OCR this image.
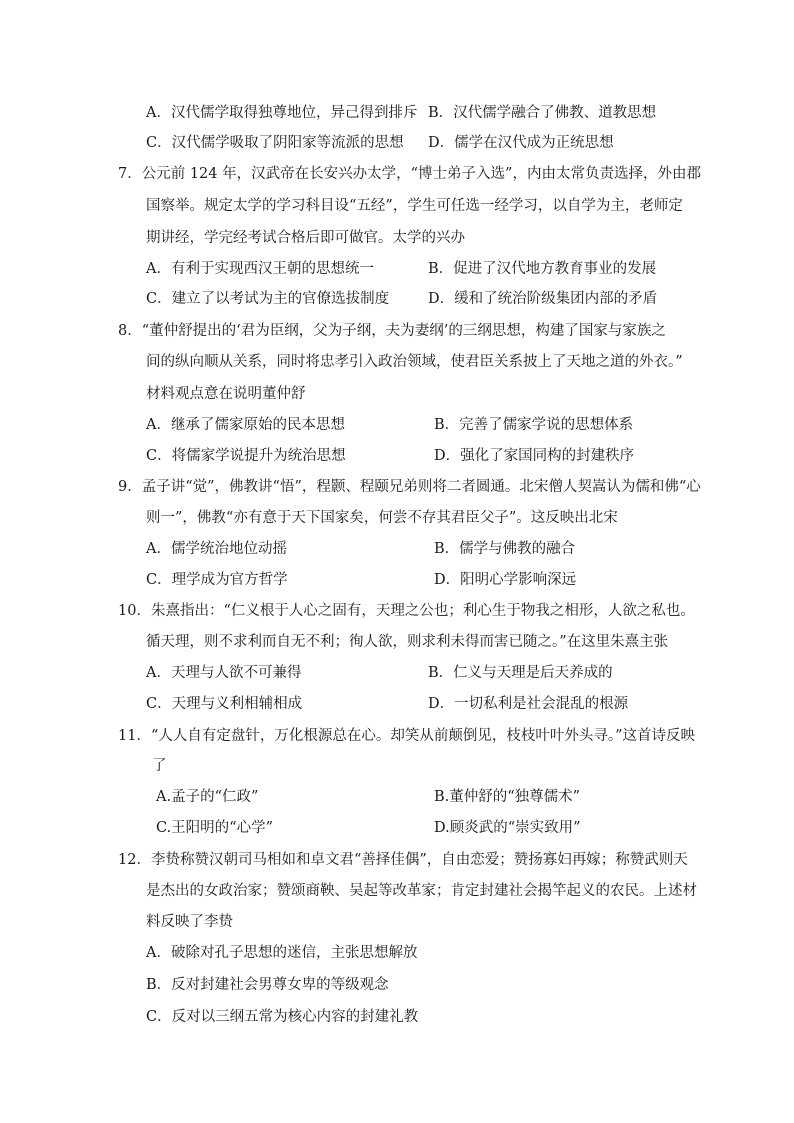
A．汉代儒学取得独尊地位，异己得到排斥 B．汉代儒学融合了佛教、道教思想
C．汉代儒学吸取了阴阳家等流派的思想 D．儒学在汉代成为正统思想
7．公元前 124 年，汉武帝在长安兴办太学，“博士弟子入选”，内由太常负责选择，外由郡
国察举。规定太学的学习科目设“五经”，学生可任选一经学习，以自学为主，老师定
期讲经，学完经考试合格后即可做官。太学的兴办
A．有利于实现西汉王朝的思想统一	B．促进了汉代地方教育事业的发展
C．建立了以考试为主的官僚选拔制度	D．缓和了统治阶级集团内部的矛盾
8．“董仲舒提出的‘君为臣纲，父为子纲，夫为妻纲’的三纲思想，构建了国家与家族之
间的纵向顺从关系，同时将忠孝引入政治领域，使君臣关系披上了天地之道的外衣。”
材料观点意在说明董仲舒
A．继承了儒家原始的民本思想	B．完善了儒家学说的思想体系
C．将儒家学说提升为统治思想	D．强化了家国同构的封建秩序
9．孟子讲“觉”，佛教讲“悟”，程颢、程颐兄弟则将二者圆通。北宋僧人契嵩认为儒和佛“心
则一”，佛教“亦有意于天下国家矣，何尝不存其君臣父子”。这反映出北宋
A．儒学统治地位动摇	B．儒学与佛教的融合
C．理学成为官方哲学	D．阳明心学影响深远
10．朱熹指出：“仁义根于人心之固有，天理之公也；利心生于物我之相形，人欲之私也。
循天理，则不求利而自无不利；徇人欲，则求利未得而害已随之。”在这里朱熹主张
A．天理与人欲不可兼得	B．仁义与天理是后天养成的
C．天理与义利相辅相成	D．一切私利是社会混乱的根源
11．“人人自有定盘针，万化根源总在心。却笑从前颠倒见，枝枝叶叶外头寻。”这首诗反映
了
A.孟子的“仁政”	B.董仲舒的“独尊儒术”
C.王阳明的“心学”	D.顾炎武的“崇实致用”
12．李贽称赞汉朝司马相如和卓文君“善择佳偶”，自由恋爱；赞扬寡妇再嫁；称赞武则天
是杰出的女政治家；赞颂商鞅、吴起等改革家；肯定封建社会揭竿起义的农民。上述材
料反映了李贽
A．破除对孔子思想的迷信，主张思想解放
B．反对封建社会男尊女卑的等级观念
C．反对以三纲五常为核心内容的封建礼教
